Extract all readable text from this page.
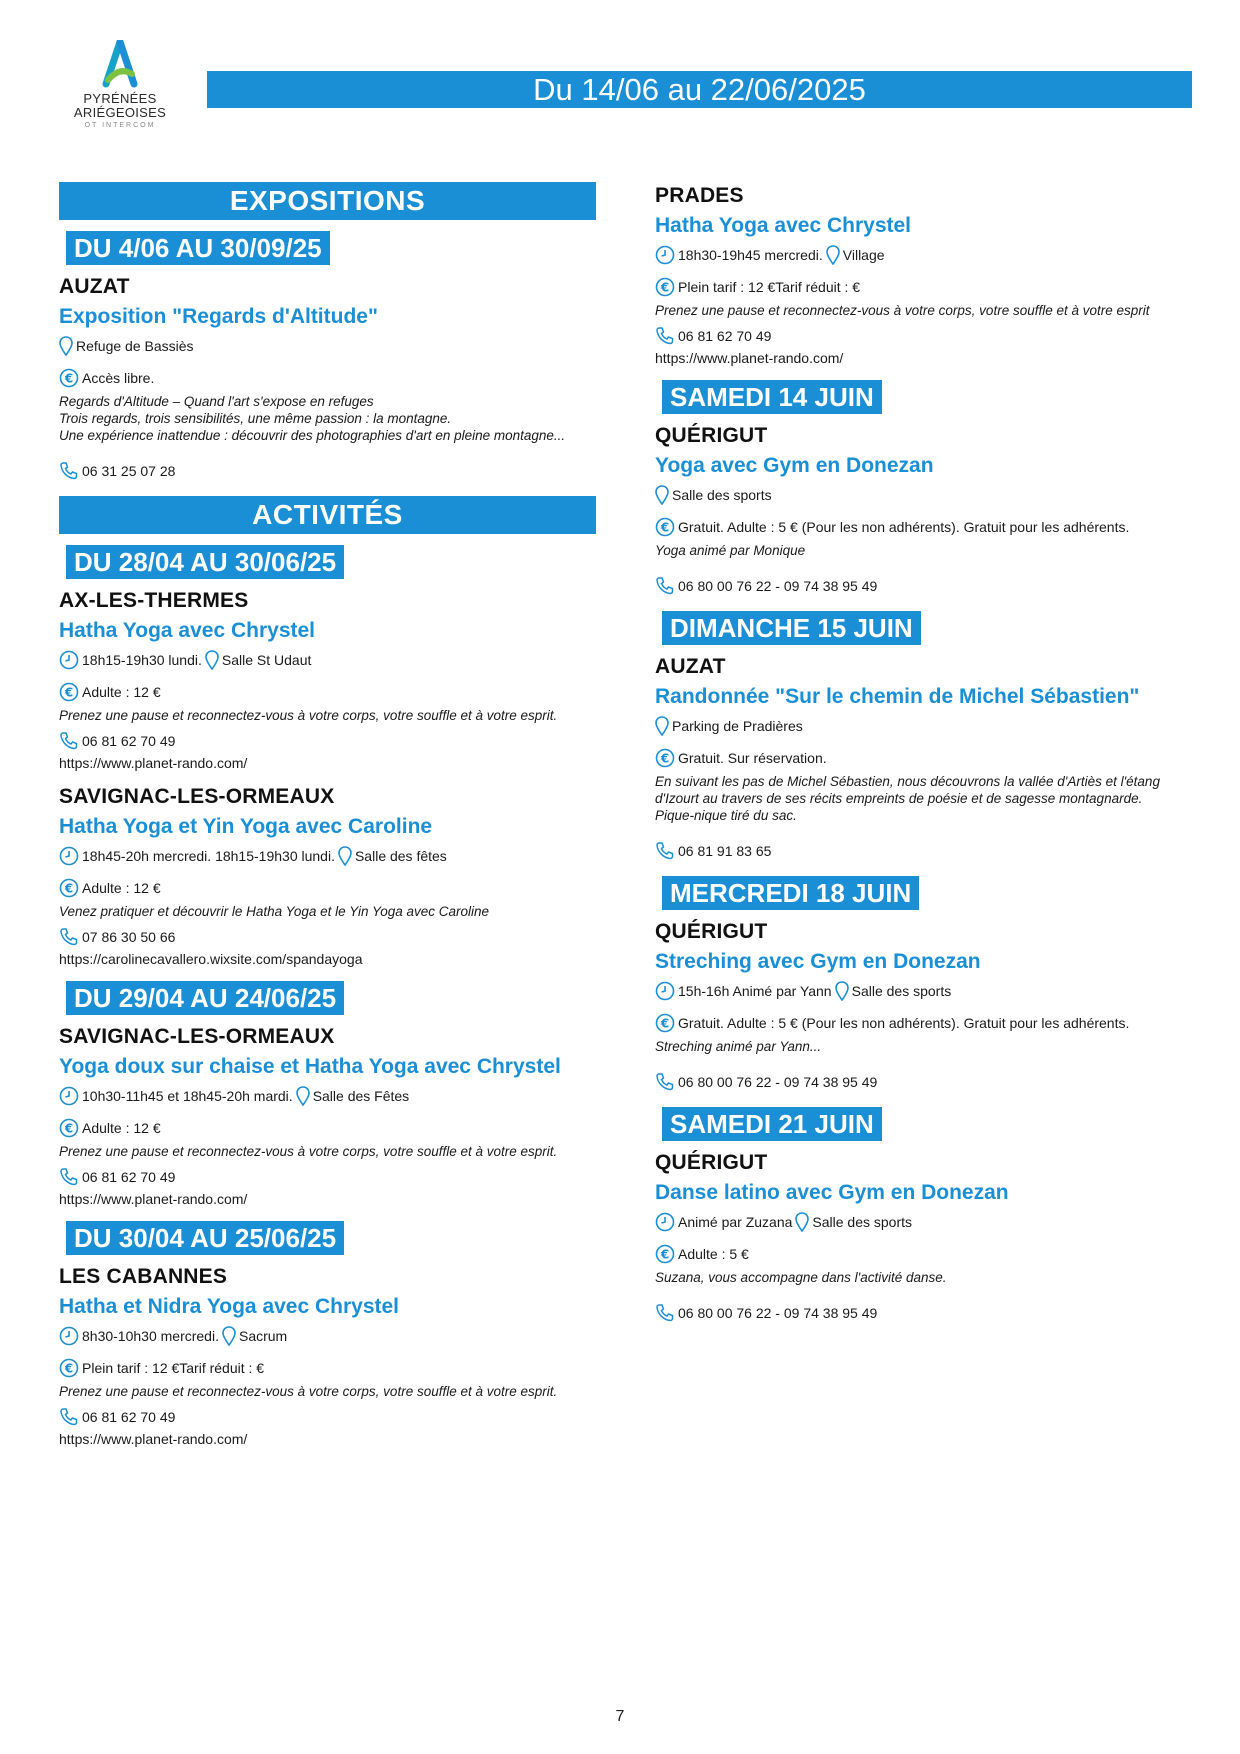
PYRÉNÉES
ARIÉGEOISES
OT INTERCOM
Du 14/06 au 22/06/2025
EXPOSITIONS
DU 4/06 AU 30/09/25
AUZAT
Exposition "Regards d'Altitude"
Refuge de Bassiès
€ Accès libre.
Regards d'Altitude – Quand l'art s'expose en refuges
Trois regards, trois sensibilités, une même passion : la montagne.
Une expérience inattendue : découvrir des photographies d'art en pleine montagne...
06 31 25 07 28
ACTIVITÉS
DU 28/04 AU 30/06/25
AX-LES-THERMES
Hatha Yoga avec Chrystel
18h15-19h30 lundi. Salle St Udaut
€ Adulte : 12 €
Prenez une pause et reconnectez-vous à votre corps, votre souffle et à votre esprit.
06 81 62 70 49
https://www.planet-rando.com/
SAVIGNAC-LES-ORMEAUX
Hatha Yoga et Yin Yoga avec Caroline
18h45-20h mercredi. 18h15-19h30 lundi. Salle des fêtes
€ Adulte : 12 €
Venez pratiquer et découvrir le Hatha Yoga et le Yin Yoga avec Caroline
07 86 30 50 66
https://carolinecavallero.wixsite.com/spandayoga
DU 29/04 AU 24/06/25
SAVIGNAC-LES-ORMEAUX
Yoga doux sur chaise et Hatha Yoga avec Chrystel
10h30-11h45 et 18h45-20h mardi. Salle des Fêtes
€ Adulte : 12 €
Prenez une pause et reconnectez-vous à votre corps, votre souffle et à votre esprit.
06 81 62 70 49
https://www.planet-rando.com/
DU 30/04 AU 25/06/25
LES CABANNES
Hatha et Nidra Yoga avec Chrystel
8h30-10h30 mercredi. Sacrum
€ Plein tarif : 12 €Tarif réduit : €
Prenez une pause et reconnectez-vous à votre corps, votre souffle et à votre esprit.
06 81 62 70 49
https://www.planet-rando.com/
PRADES
Hatha Yoga avec Chrystel
18h30-19h45 mercredi. Village
€ Plein tarif : 12 €Tarif réduit : €
Prenez une pause et reconnectez-vous à votre corps, votre souffle et à votre esprit
06 81 62 70 49
https://www.planet-rando.com/
SAMEDI 14 JUIN
QUÉRIGUT
Yoga avec Gym en Donezan
Salle des sports
€ Gratuit. Adulte : 5 € (Pour les non adhérents). Gratuit pour les adhérents.
Yoga animé par Monique
06 80 00 76 22 - 09 74 38 95 49
DIMANCHE 15 JUIN
AUZAT
Randonnée "Sur le chemin de Michel Sébastien"
Parking de Pradières
€ Gratuit. Sur réservation.
En suivant les pas de Michel Sébastien, nous découvrons la vallée d'Artiès et l'étang
d'Izourt au travers de ses récits empreints de poésie et de sagesse montagnarde.
Pique-nique tiré du sac.
06 81 91 83 65
MERCREDI 18 JUIN
QUÉRIGUT
Streching avec Gym en Donezan
15h-16h Animé par Yann Salle des sports
€ Gratuit. Adulte : 5 € (Pour les non adhérents). Gratuit pour les adhérents.
Streching animé par Yann...
06 80 00 76 22 - 09 74 38 95 49
SAMEDI 21 JUIN
QUÉRIGUT
Danse latino avec Gym en Donezan
Animé par Zuzana Salle des sports
€ Adulte : 5 €
Suzana, vous accompagne dans l'activité danse.
06 80 00 76 22 - 09 74 38 95 49
7
